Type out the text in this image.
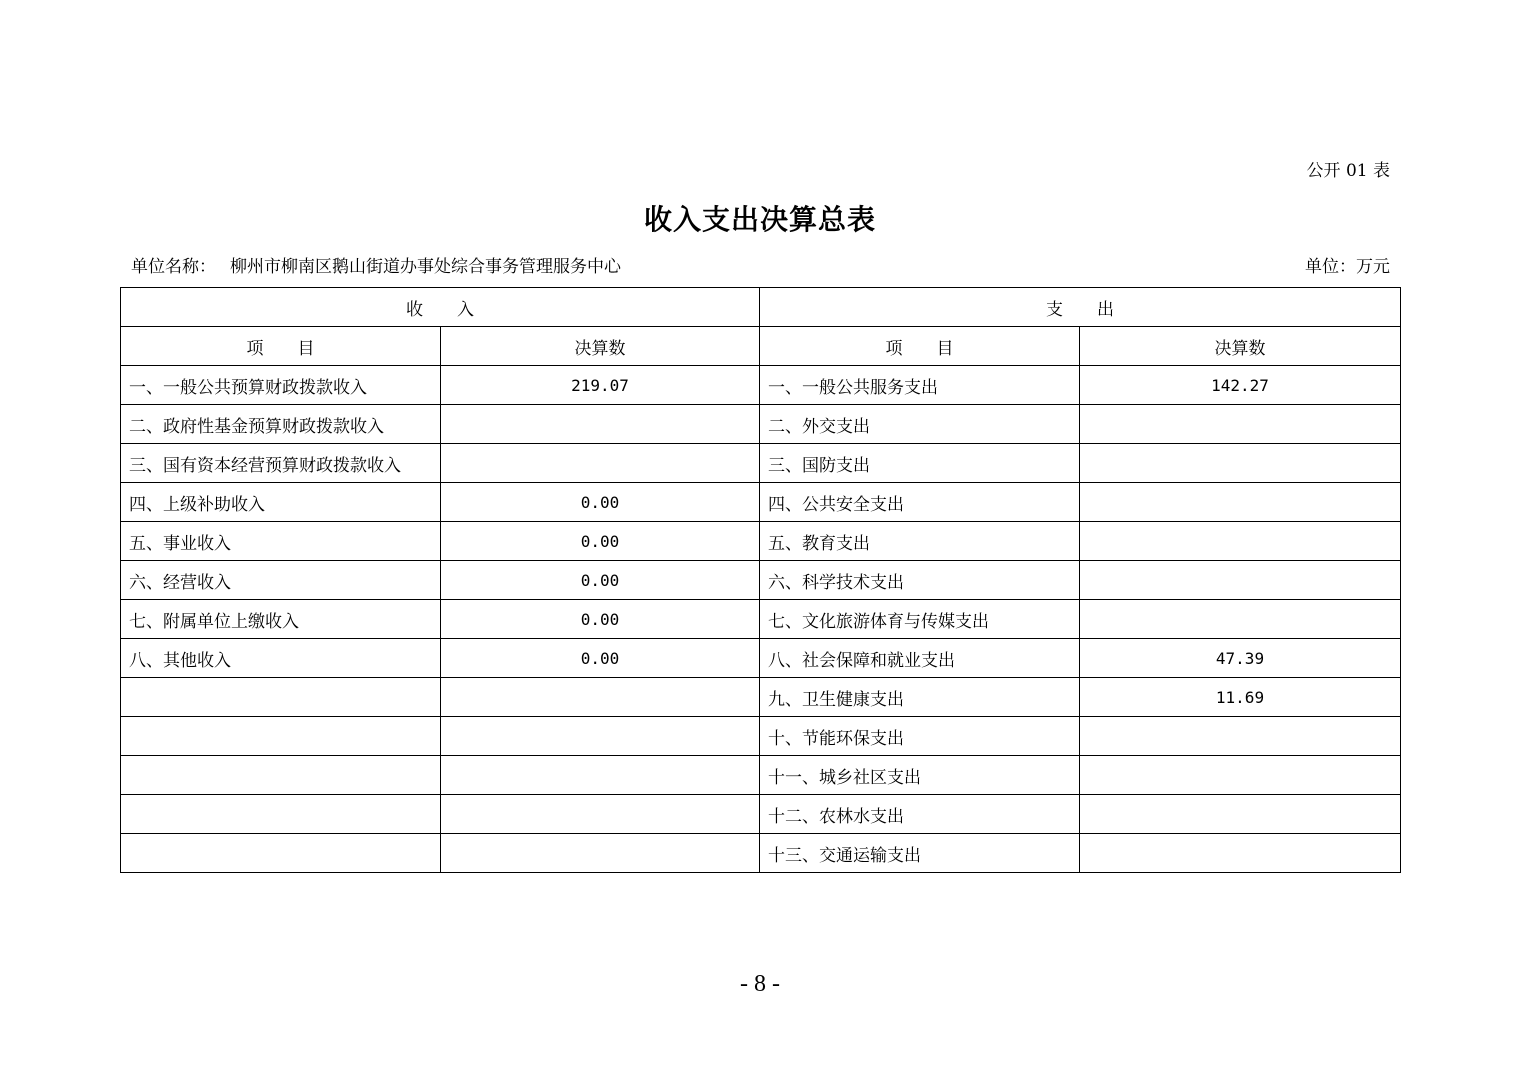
公开 01 表
收入支出决算总表
单位名称： 柳州市柳南区鹅山街道办事处综合事务管理服务中心	单位：万元
收　　入		支　　出	
项　　目	决算数	项　　目	决算数
一、一般公共预算财政拨款收入	219.07	一、一般公共服务支出	142.27
二、政府性基金预算财政拨款收入		二、外交支出	
三、国有资本经营预算财政拨款收入		三、国防支出	
四、上级补助收入	0.00	四、公共安全支出	
五、事业收入	0.00	五、教育支出	
六、经营收入	0.00	六、科学技术支出	
七、附属单位上缴收入	0.00	七、文化旅游体育与传媒支出	
八、其他收入	0.00	八、社会保障和就业支出	47.39
		九、卫生健康支出	11.69
		十、节能环保支出	
		十一、城乡社区支出	
		十二、农林水支出	
		十三、交通运输支出	
- 8 -
